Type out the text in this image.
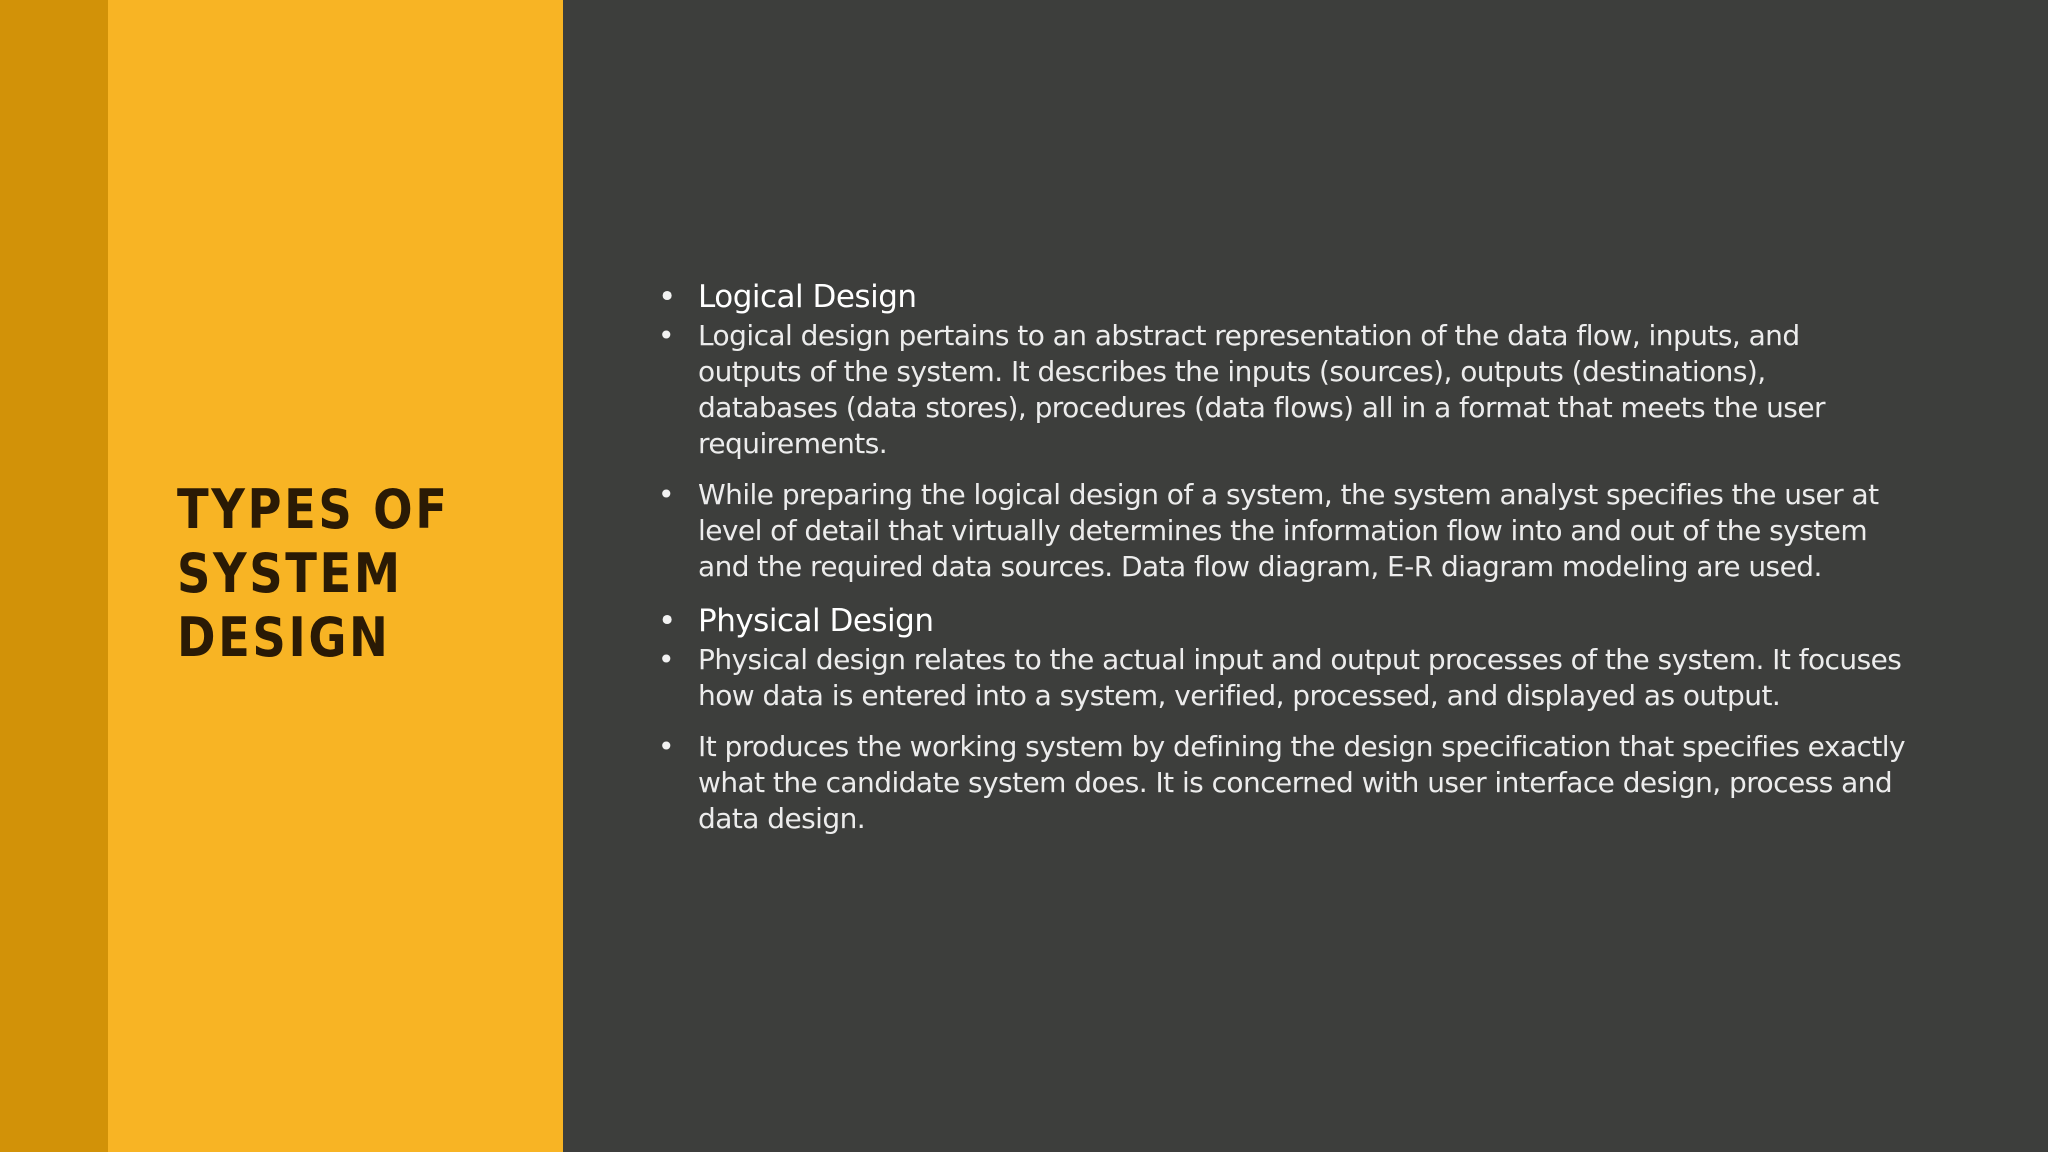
TYPES OF SYSTEM DESIGN
• Logical Design
• Logical design pertains to an abstract representation of the data flow, inputs, and outputs of the system. It describes the inputs (sources), outputs (destinations), databases (data stores), procedures (data flows) all in a format that meets the user requirements.
• While preparing the logical design of a system, the system analyst specifies the user at level of detail that virtually determines the information flow into and out of the system and the required data sources. Data flow diagram, E-R diagram modeling are used.
• Physical Design
• Physical design relates to the actual input and output processes of the system. It focuses how data is entered into a system, verified, processed, and displayed as output.
• It produces the working system by defining the design specification that specifies exactly what the candidate system does. It is concerned with user interface design, process and data design.
